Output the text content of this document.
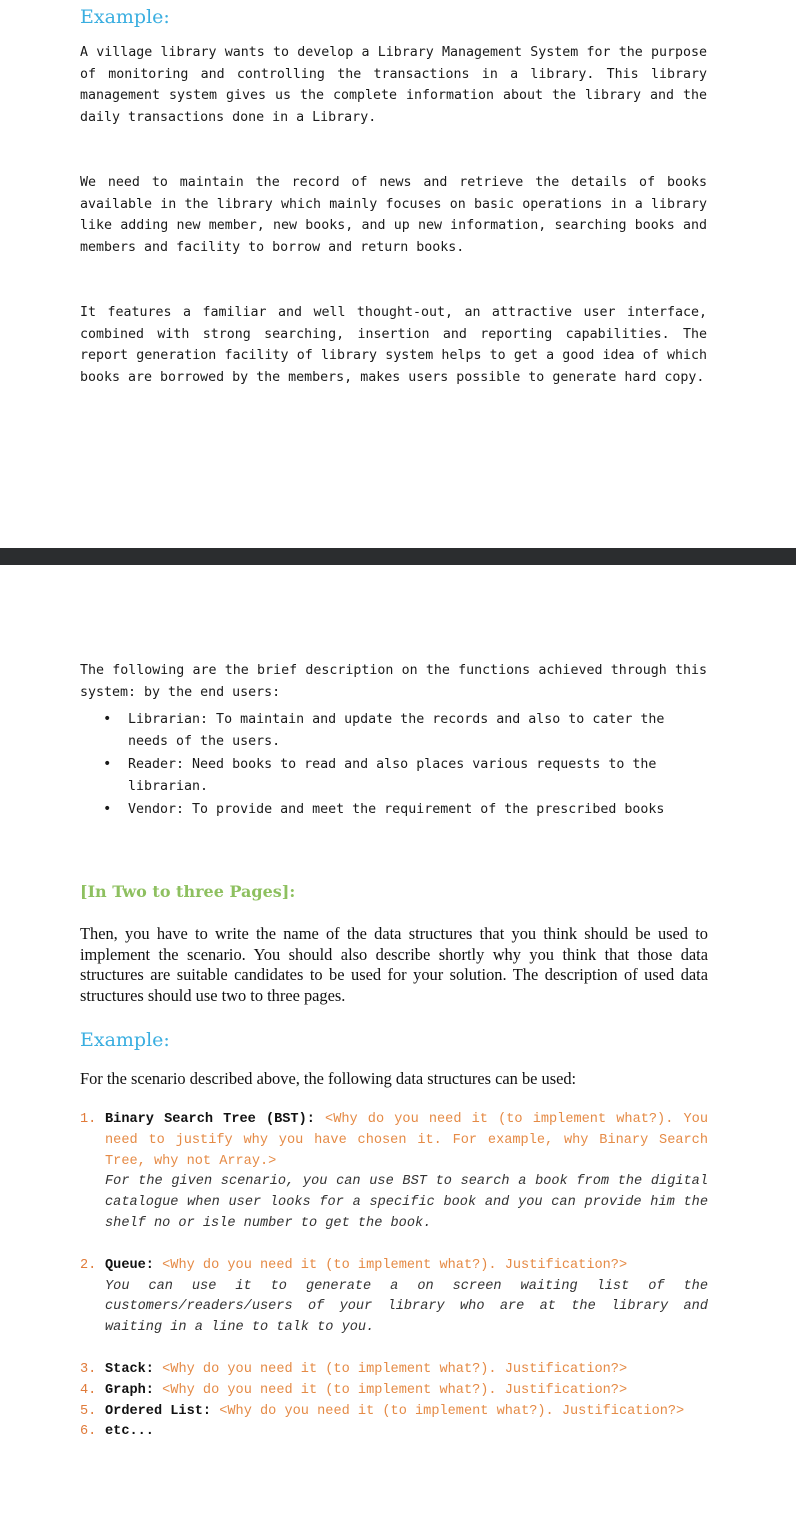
Example:

A village library wants to develop a Library Management System for the purpose of monitoring and controlling the transactions in a library. This library management system gives us the complete information about the library and the daily transactions done in a Library.

We need to maintain the record of news and retrieve the details of books available in the library which mainly focuses on basic operations in a library like adding new member, new books, and up new information, searching books and members and facility to borrow and return books.

It features a familiar and well thought-out, an attractive user interface, combined with strong searching, insertion and reporting capabilities. The report generation facility of library system helps to get a good idea of which books are borrowed by the members, makes users possible to generate hard copy.

The following are the brief description on the functions achieved through this system: by the end users:

• Librarian: To maintain and update the records and also to cater the needs of the users.
• Reader: Need books to read and also places various requests to the librarian.
• Vendor: To provide and meet the requirement of the prescribed books
[In Two to three Pages]:

Then, you have to write the name of the data structures that you think should be used to implement the scenario. You should also describe shortly why you think that those data structures are suitable candidates to be used for your solution. The description of used data structures should use two to three pages.

Example:

For the scenario described above, the following data structures can be used:

1. Binary Search Tree (BST): <Why do you need it (to implement what?). You need to justify why you have chosen it. For example, why Binary Search Tree, why not Array.>
For the given scenario, you can use BST to search a book from the digital catalogue when user looks for a specific book and you can provide him the shelf no or isle number to get the book.
2. Queue: <Why do you need it (to implement what?). Justification?>
You can use it to generate a on screen waiting list of the customers/readers/users of your library who are at the library and waiting in a line to talk to you.
3. Stack: <Why do you need it (to implement what?). Justification?>
4. Graph: <Why do you need it (to implement what?). Justification?>
5. Ordered List: <Why do you need it (to implement what?). Justification?>
6. etc...
